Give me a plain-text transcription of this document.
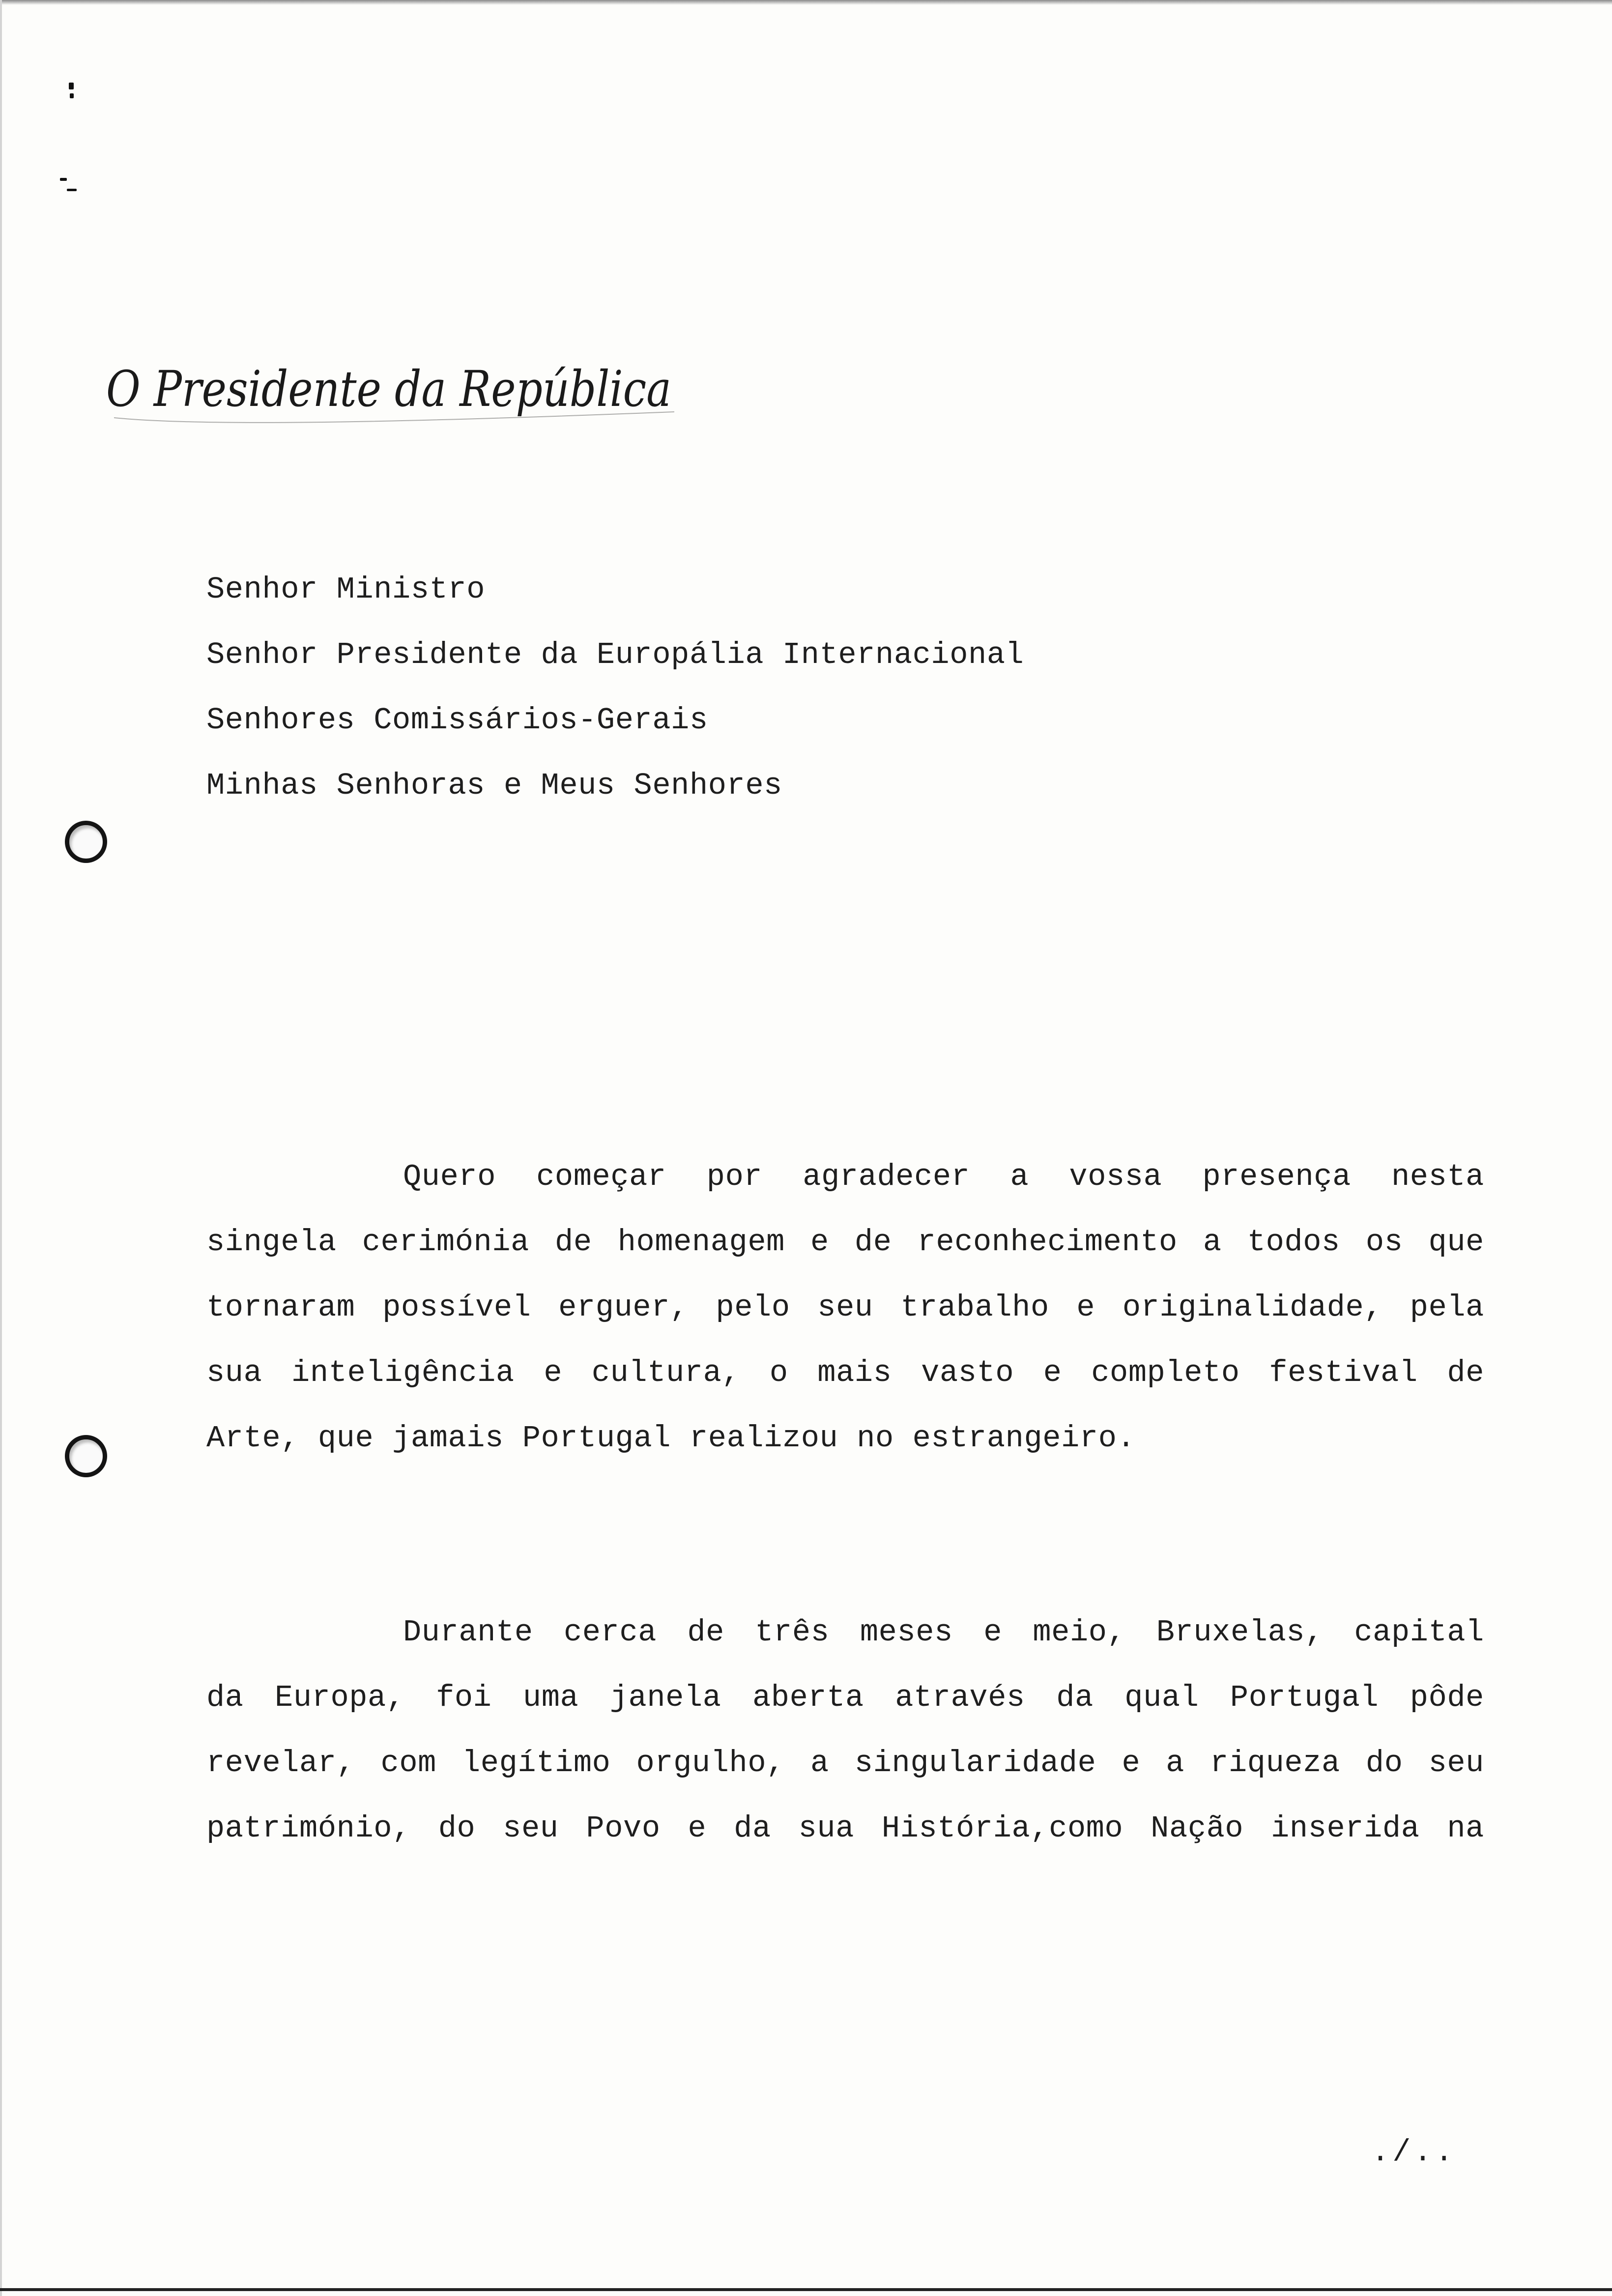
O Presidente da República

Senhor Ministro

Senhor Presidente da Europália Internacional

Senhores Comissários-Gerais

Minhas Senhoras e Meus Senhores

Quero começar por agradecer a vossa presença nesta

singela cerimónia de homenagem e de reconhecimento a todos os que

tornaram possível erguer, pelo seu trabalho e originalidade, pela

sua inteligência e cultura, o mais vasto e completo festival de

Arte, que jamais Portugal realizou no estrangeiro.

Durante cerca de três meses e meio, Bruxelas, capital

da Europa, foi uma janela aberta através da qual Portugal pôde

revelar, com legítimo orgulho, a singularidade e a riqueza do seu

património, do seu Povo e da sua História,como Nação inserida na

./..
